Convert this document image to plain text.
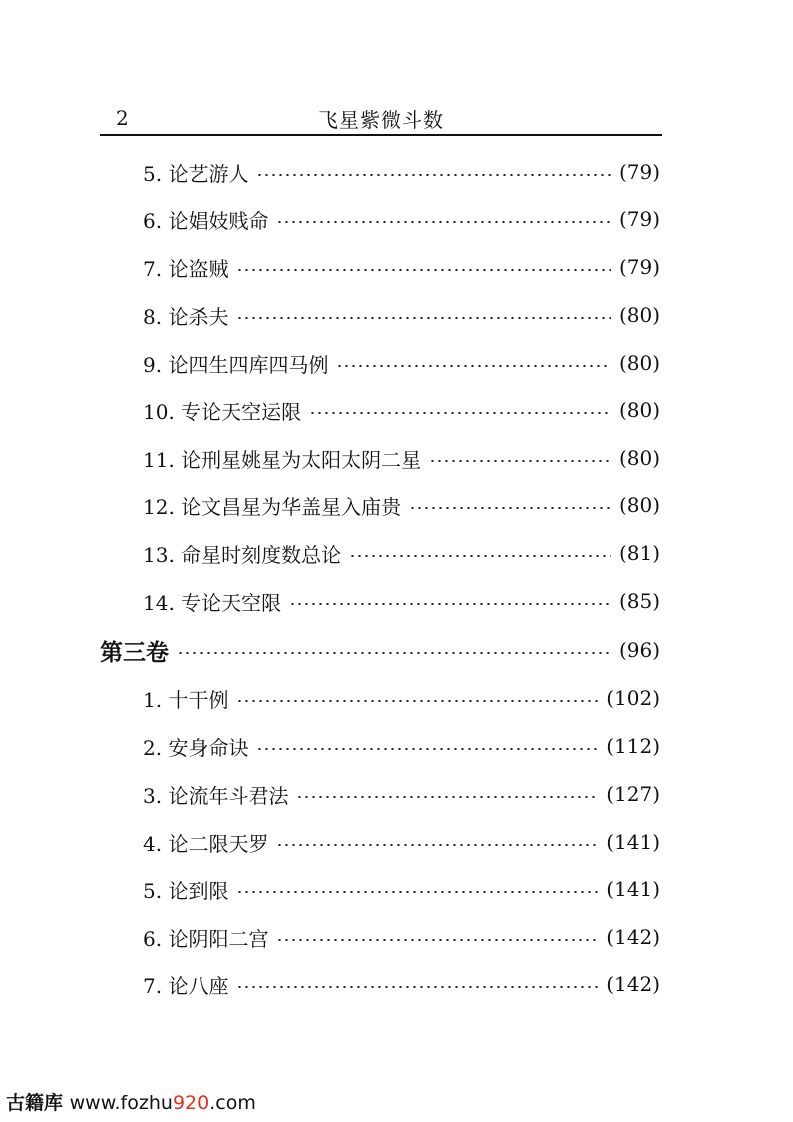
2	飞星紫微斗数
5. 论艺游人	(79)
6. 论娼妓贱命	(79)
7. 论盗贼	(79)
8. 论杀夫	(80)
9. 论四生四库四马例	(80)
10. 专论天空运限	(80)
11. 论刑星姚星为太阳太阴二星	(80)
12. 论文昌星为华盖星入庙贵	(80)
13. 命星时刻度数总论	(81)
14. 专论天空限	(85)
第三卷	(96)
1. 十干例	(102)
2. 安身命诀	(112)
3. 论流年斗君法	(127)
4. 论二限天罗	(141)
5. 论到限	(141)
6. 论阴阳二宫	(142)
7. 论八座	(142)
古籍库 www.fozhu920.com
